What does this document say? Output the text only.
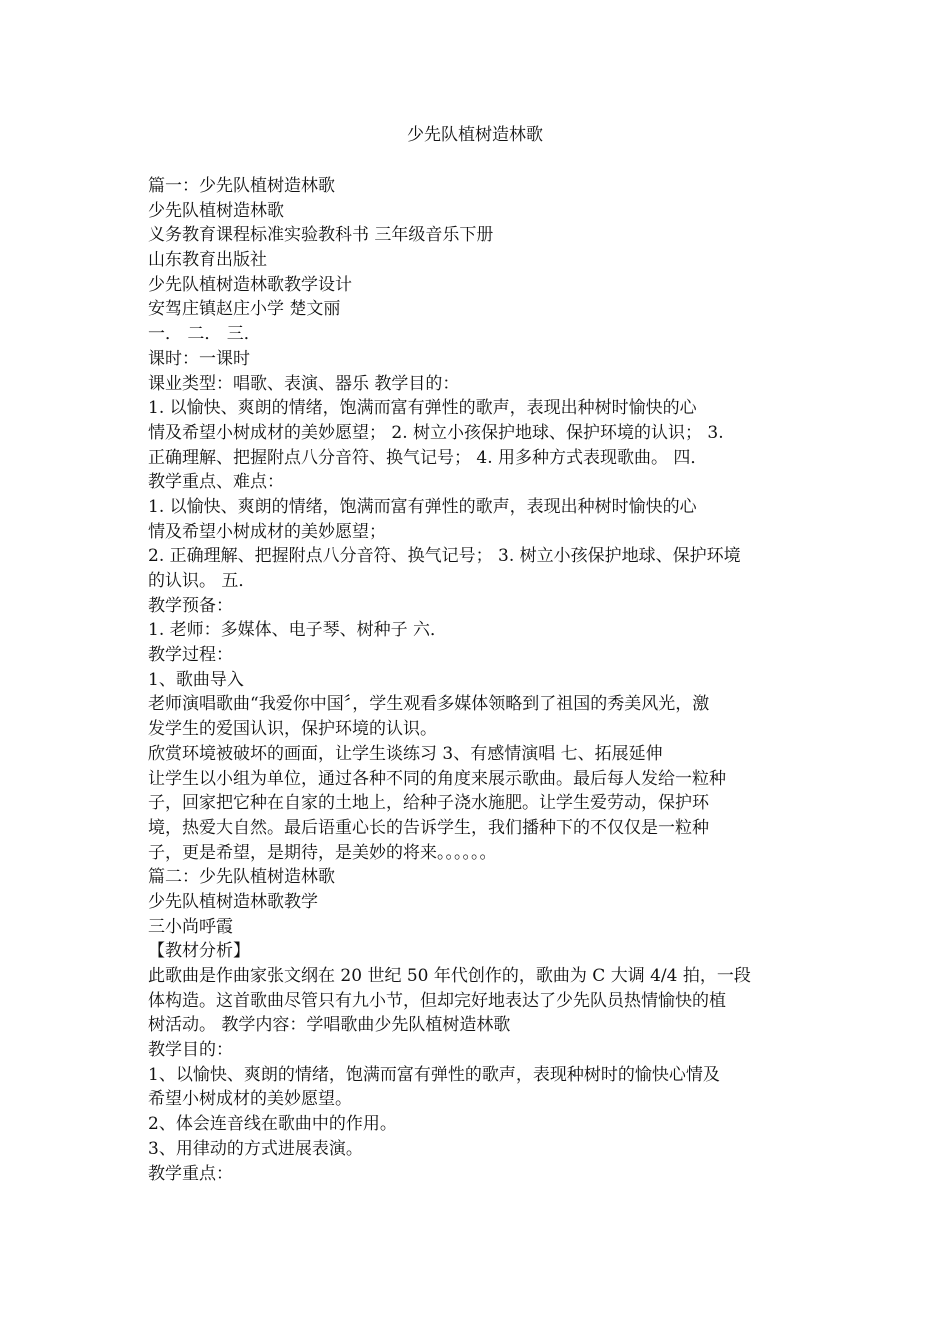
少先队植树造林歌
篇一：少先队植树造林歌
少先队植树造林歌
义务教育课程标准实验教科书 三年级音乐下册
山东教育出版社
少先队植树造林歌教学设计
安驾庄镇赵庄小学 楚文丽
一． 二． 三．
课时：一课时
课业类型：唱歌、表演、器乐 教学目的：
1. 以愉快、爽朗的情绪，饱满而富有弹性的歌声，表现出种树时愉快的心
情及希望小树成材的美妙愿望； 2. 树立小孩保护地球、保护环境的认识； 3.
正确理解、把握附点八分音符、换气记号； 4. 用多种方式表现歌曲。 四．
教学重点、难点：
1. 以愉快、爽朗的情绪，饱满而富有弹性的歌声，表现出种树时愉快的心
情及希望小树成材的美妙愿望；
2. 正确理解、把握附点八分音符、换气记号； 3. 树立小孩保护地球、保护环境
的认识。 五．
教学预备：
1. 老师：多媒体、电子琴、树种子 六．
教学过程：
1、歌曲导入
老师演唱歌曲“我爱你中国〞，学生观看多媒体领略到了祖国的秀美风光，激
发学生的爱国认识，保护环境的认识。
欣赏环境被破坏的画面，让学生谈练习 3、有感情演唱 七、拓展延伸
让学生以小组为单位，通过各种不同的角度来展示歌曲。最后每人发给一粒种
子，回家把它种在自家的土地上，给种子浇水施肥。让学生爱劳动，保护环
境，热爱大自然。最后语重心长的告诉学生，我们播种下的不仅仅是一粒种
子，更是希望，是期待，是美妙的将来。。。。。。
篇二：少先队植树造林歌
少先队植树造林歌教学
三小尚呼霞
【教材分析】
此歌曲是作曲家张文纲在 20 世纪 50 年代创作的，歌曲为 C 大调 4/4 拍，一段
体构造。这首歌曲尽管只有九小节，但却完好地表达了少先队员热情愉快的植
树活动。 教学内容：学唱歌曲少先队植树造林歌
教学目的：
1、以愉快、爽朗的情绪，饱满而富有弹性的歌声，表现种树时的愉快心情及
希望小树成材的美妙愿望。
2、体会连音线在歌曲中的作用。
3、用律动的方式进展表演。
教学重点：
